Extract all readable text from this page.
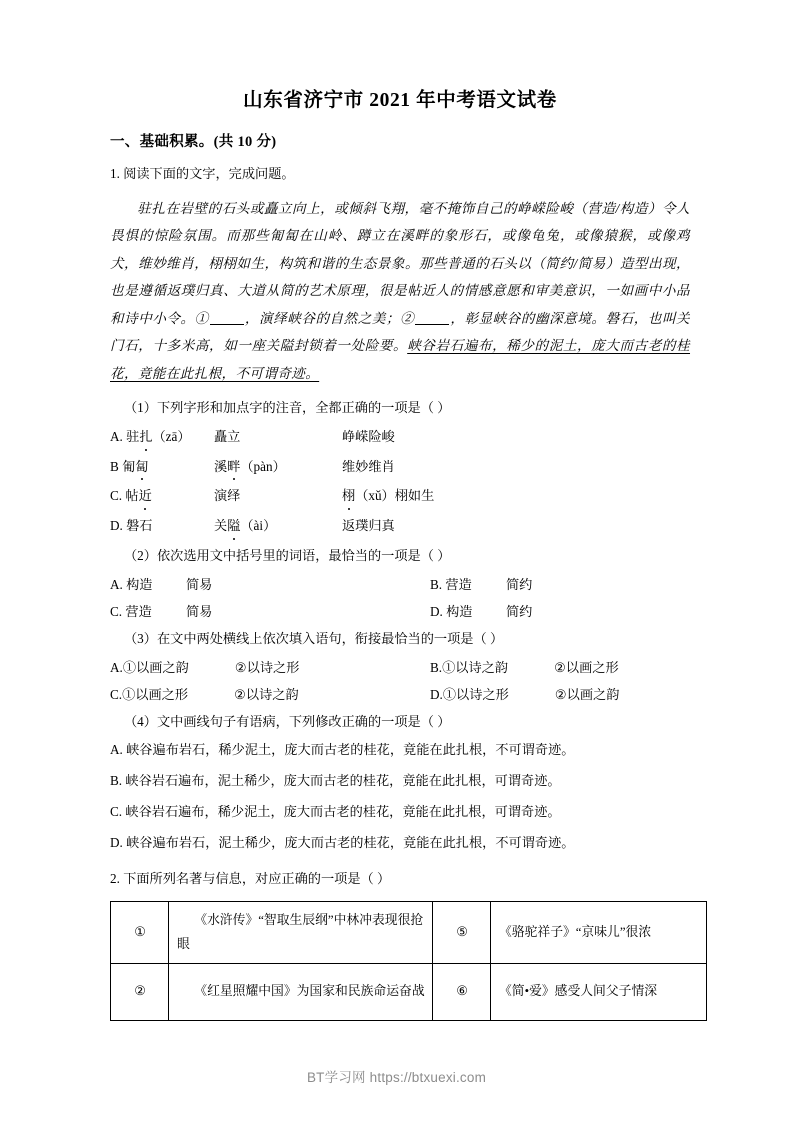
山东省济宁市 2021 年中考语文试卷
一、基础积累。(共 10 分)
1. 阅读下面的文字，完成问题。
驻扎在岩壁的石头或矗立向上，或倾斜飞翔，毫不掩饰自己的峥嵘险峻（营造/构造）令人畏惧的惊险氛围。而那些匍匐在山岭、蹲立在溪畔的象形石，或像龟兔，或像猿猴，或像鸡犬，维妙维肖，栩栩如生，构筑和谐的生态景象。那些普通的石头以（简约/简易）造型出现，也是遵循返璞归真、大道从简的艺术原理，很是帖近人的情感意愿和审美意识，一如画中小品和诗中小令。①	，演绎峡谷的自然之美；②	，彰显峡谷的幽深意境。磐石，也叫关门石，十多米高，如一座关隘封锁着一处险要。峡谷岩石遍布，稀少的泥土，庞大而古老的桂花，竟能在此扎根，不可谓奇迹。
（1）下列字形和加点字的注音，全都正确的一项是（ ）
A. 驻扎（zā） 矗立	峥嵘险峻
B 匍匐	溪畔（pàn）	维妙维肖
C. 帖近	演绎	栩（xǔ）栩如生
D. 磐石	关隘（ài）	返璞归真
（2）依次选用文中括号里的词语，最恰当的一项是（ ）
A. 构造	简易	B. 营造	简约
C. 营造	简易	D. 构造	简约
（3）在文中两处横线上依次填入语句，衔接最恰当的一项是（ ）
A.①以画之韵	②以诗之形	B.①以诗之韵	②以画之形
C.①以画之形	②以诗之韵	D.①以诗之形	②以画之韵
（4）文中画线句子有语病，下列修改正确的一项是（ ）
A. 峡谷遍布岩石，稀少泥土，庞大而古老的桂花，竟能在此扎根，不可谓奇迹。
B. 峡谷岩石遍布，泥土稀少，庞大而古老的桂花，竟能在此扎根，可谓奇迹。
C. 峡谷岩石遍布，稀少泥土，庞大而古老的桂花，竟能在此扎根，可谓奇迹。
D. 峡谷遍布岩石，泥土稀少，庞大而古老的桂花，竟能在此扎根，不可谓奇迹。
2. 下面所列名著与信息，对应正确的一项是（ ）
①	《水浒传》“智取生辰纲”中林冲表现很抢眼	⑤	《骆驼祥子》“京味儿”很浓
②	《红星照耀中国》为国家和民族命运奋战	⑥	《简•爱》感受人间父子情深
BT学习网 https://btxuexi.com
